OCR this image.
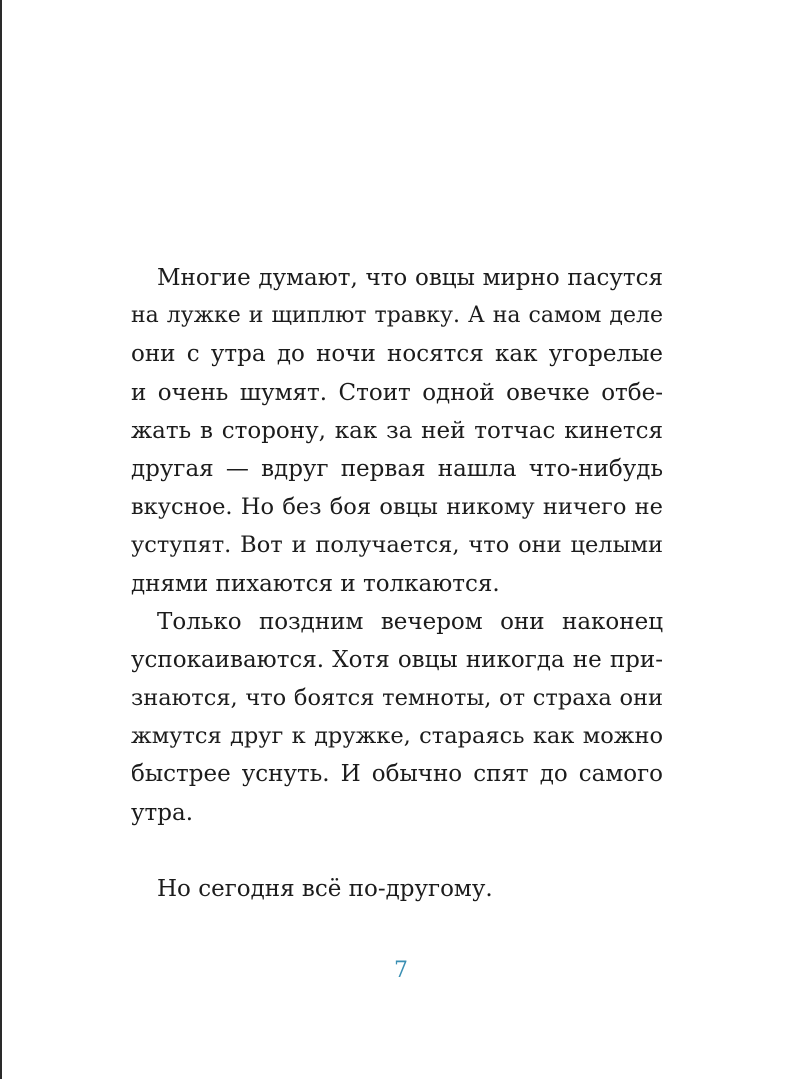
Многие думают, что овцы мирно пасутся
на лужке и щиплют травку. А на самом деле
они с утра до ночи носятся как угорелые
и очень шумят. Стоит одной овечке отбе-
жать в сторону, как за ней тотчас кинется
другая — вдруг первая нашла что-нибудь
вкусное. Но без боя овцы никому ничего не
уступят. Вот и получается, что они целыми
днями пихаются и толкаются.
Только поздним вечером они наконец
успокаиваются. Хотя овцы никогда не при-
знаются, что боятся темноты, от страха они
жмутся друг к дружке, стараясь как можно
быстрее уснуть. И обычно спят до самого
утра.
Но сегодня всё по-другому.
7
